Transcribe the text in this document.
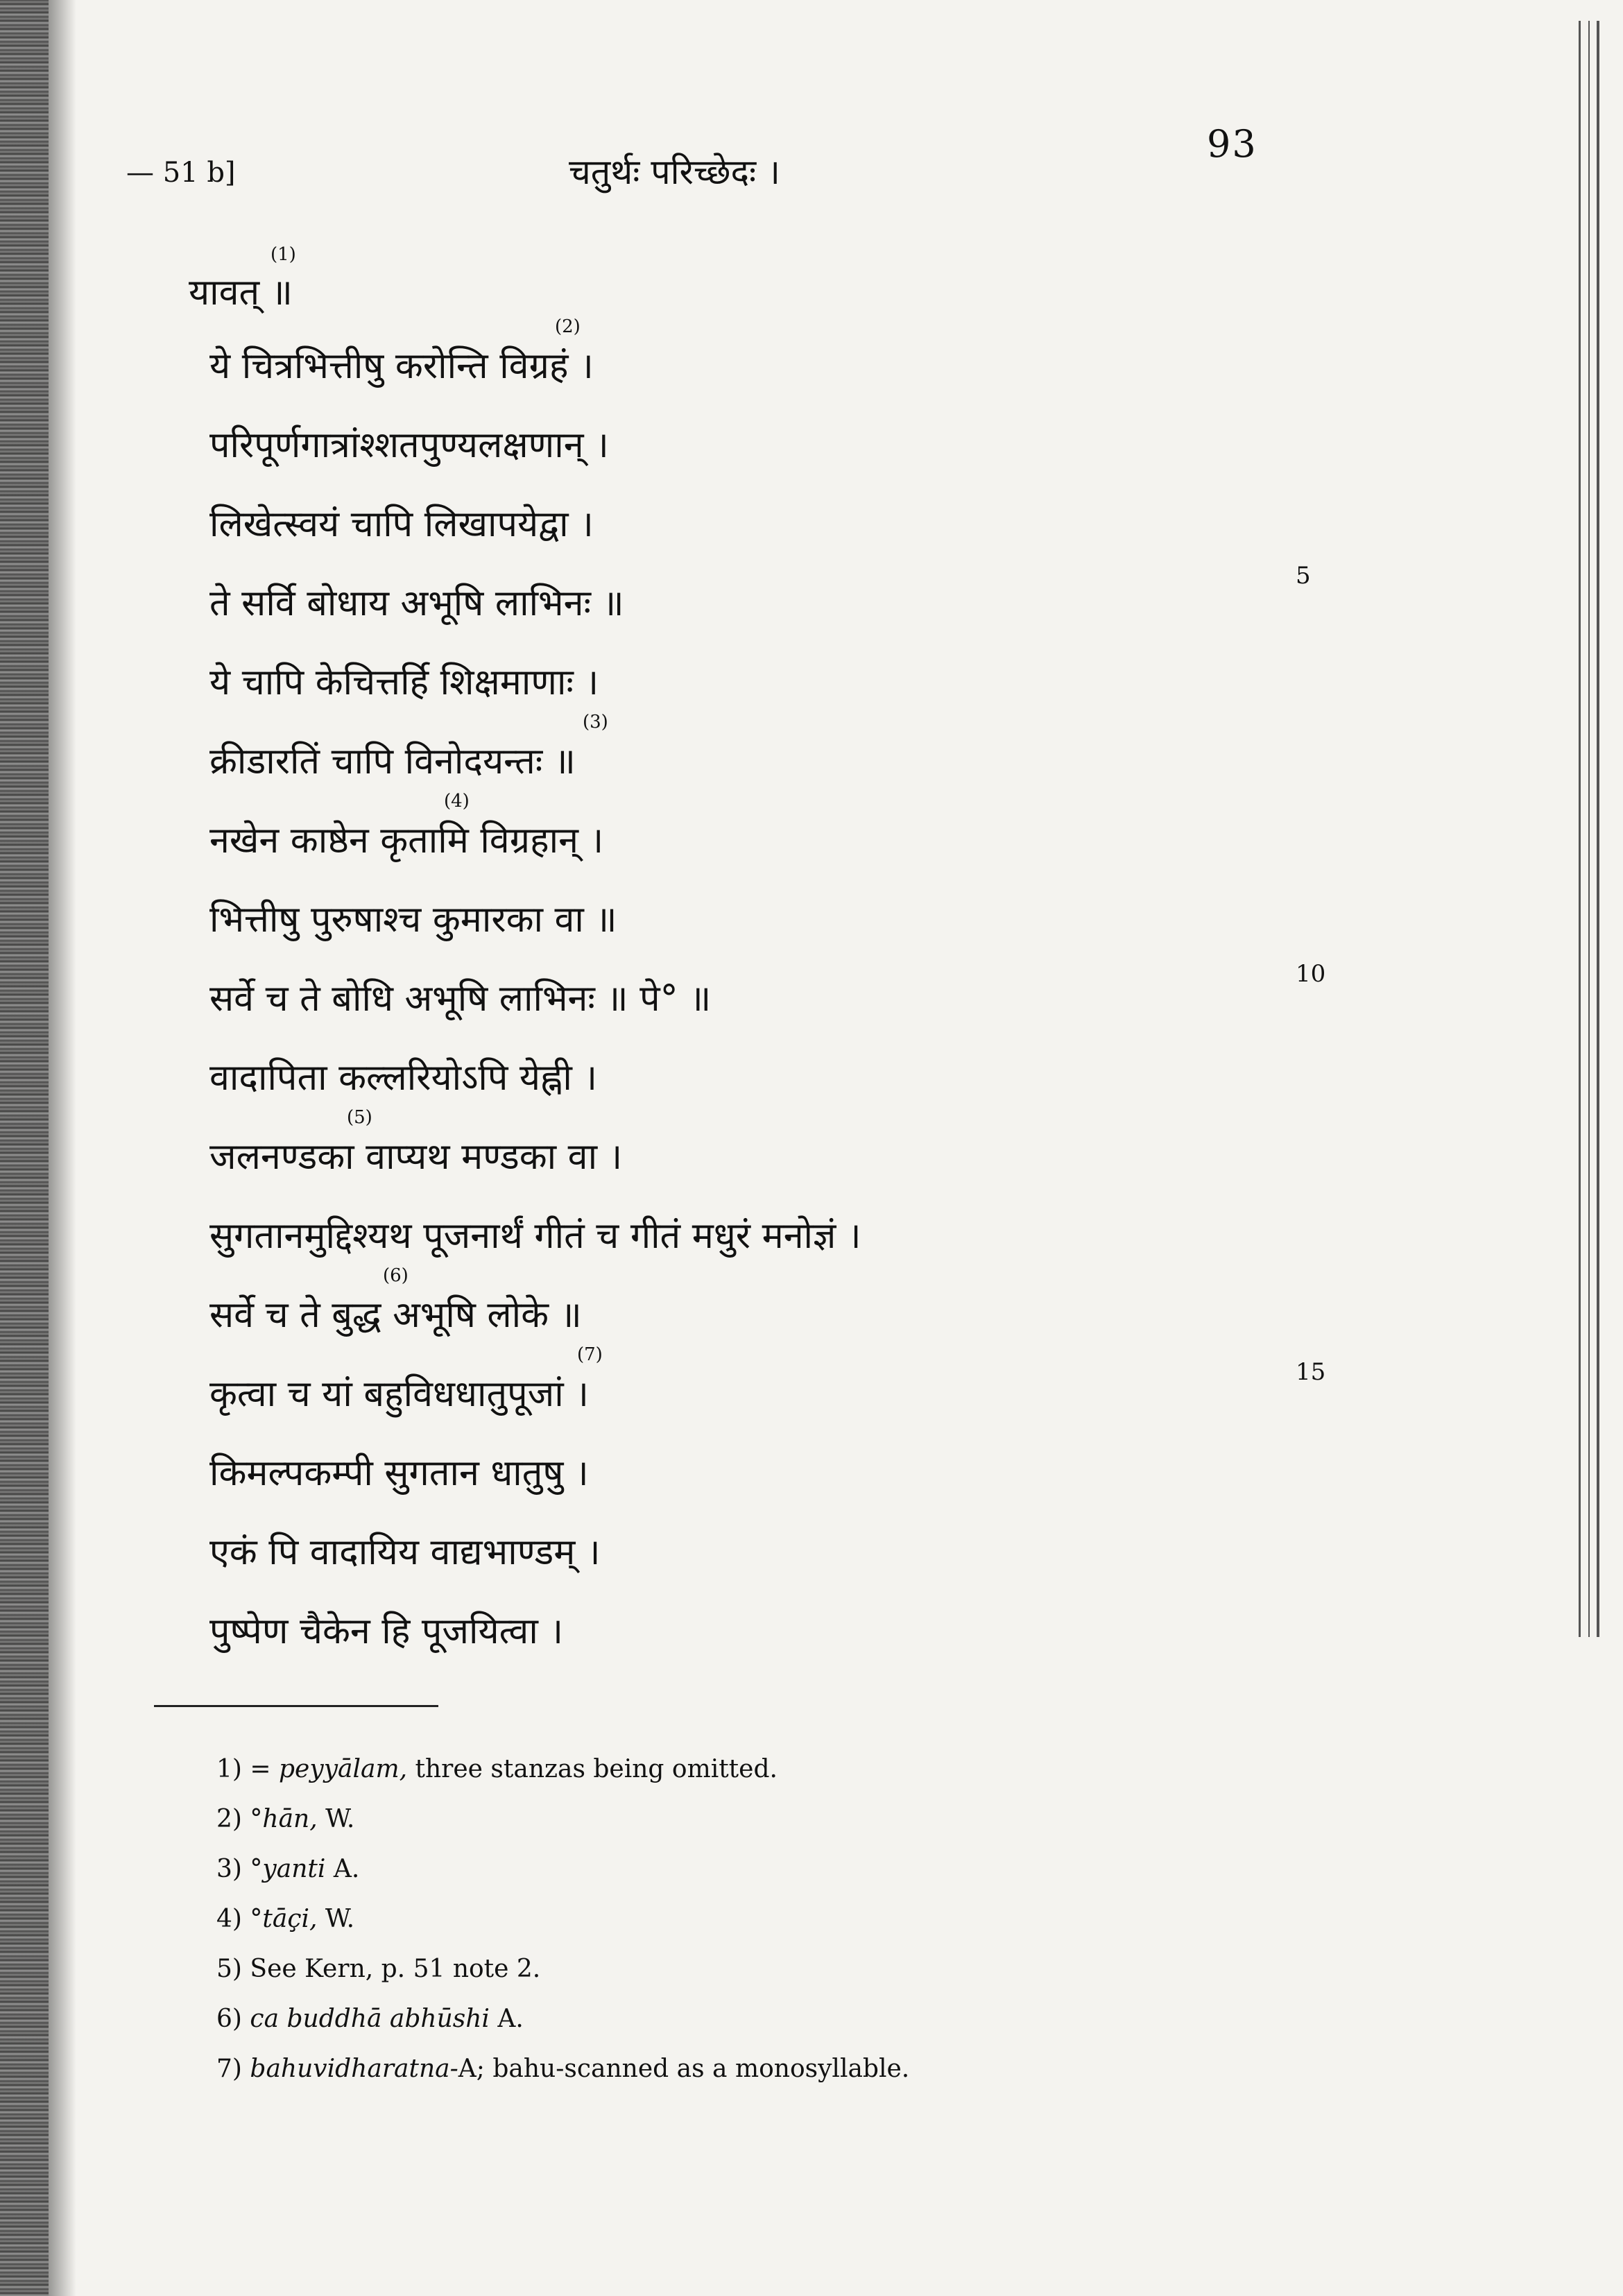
93
— 51 b]	चतुर्थः परिच्छेदः ।
यावत् ॥
(1)
ये चित्रभित्तीषु करोन्ति विग्रहं ।
(2)
परिपूर्णगात्रांश्शतपुण्यलक्षणान् ।
लिखेत्स्वयं चापि लिखापयेद्वा ।
ते सर्वि बोधाय अभूषि लाभिनः ॥
ये चापि केचित्तर्हि शिक्षमाणाः ।
क्रीडारतिं चापि विनोदयन्तः ॥
(3)
नखेन काष्ठेन कृतामि विग्रहान् ।
(4)
भित्तीषु पुरुषाश्च कुमारका वा ॥
सर्वे च ते बोधि अभूषि लाभिनः ॥ पे° ॥
वादापिता कल्लरियोऽपि येह्नी ।
जलनण्डका वाप्यथ मण्डका वा ।
(5)
सुगतानमुद्दिश्यथ पूजनार्थं गीतं च गीतं मधुरं मनोज्ञं ।
सर्वे च ते बुद्ध अभूषि लोके ॥
(6)
कृत्वा च यां बहुविधधातुपूजां ।
(7)
किमल्पकम्पी सुगतान धातुषु ।
एकं पि वादायिय वाद्यभाण्डम् ।
पुष्पेण चैकेन हि पूजयित्वा ।
5
10
15
1) = peyyālam, three stanzas being omitted.
2) °hān, W.
3) °yanti A.
4) °tāçi, W.
5) See Kern, p. 51 note 2.
6) ca buddhā abhūshi A.
7) bahuvidharatna-A; bahu-scanned as a monosyllable.
